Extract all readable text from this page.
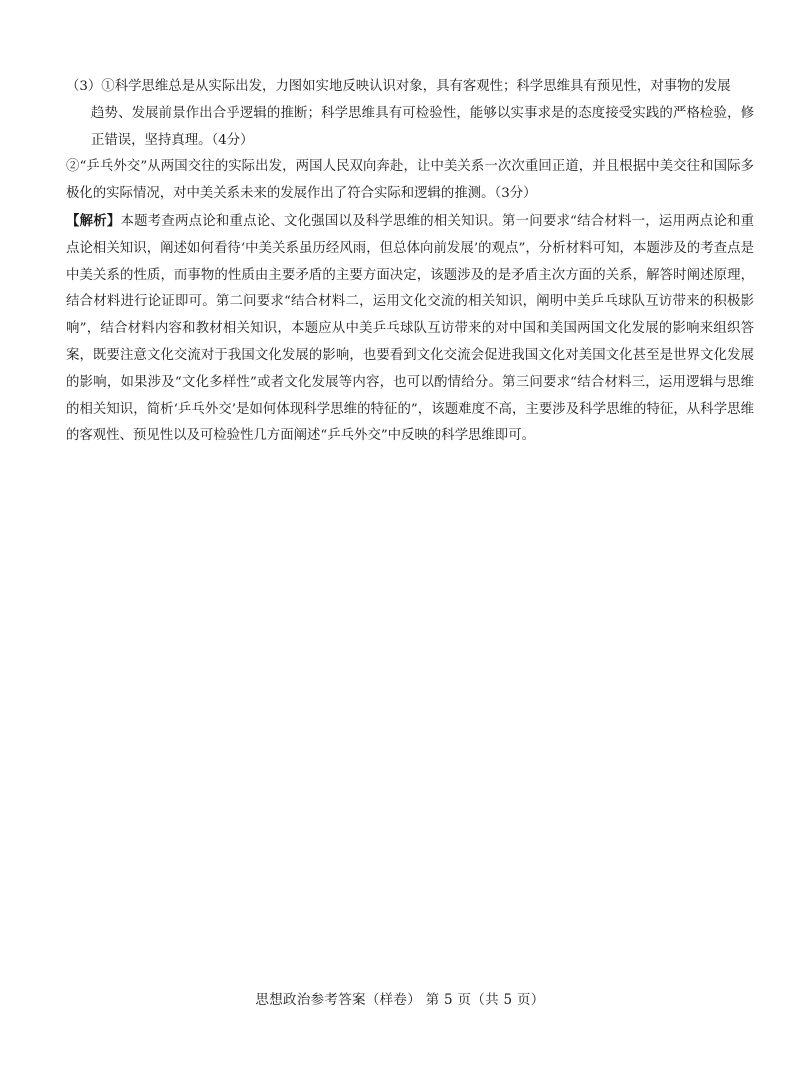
（3）①科学思维总是从实际出发，力图如实地反映认识对象，具有客观性；科学思维具有预见性，对事物的发展

趋势、发展前景作出合乎逻辑的推断；科学思维具有可检验性，能够以实事求是的态度接受实践的严格检验，修正错误，坚持真理。（4分）

②“乒乓外交”从两国交往的实际出发，两国人民双向奔赴，让中美关系一次次重回正道，并且根据中美交往和国际多极化的实际情况，对中美关系未来的发展作出了符合实际和逻辑的推测。（3分）

【解析】本题考查两点论和重点论、文化强国以及科学思维的相关知识。第一问要求“结合材料一，运用两点论和重点论相关知识，阐述如何看待‘中美关系虽历经风雨，但总体向前发展’的观点”，分析材料可知，本题涉及的考查点是中美关系的性质，而事物的性质由主要矛盾的主要方面决定，该题涉及的是矛盾主次方面的关系，解答时阐述原理，结合材料进行论证即可。第二问要求“结合材料二，运用文化交流的相关知识，阐明中美乒乓球队互访带来的积极影响”，结合材料内容和教材相关知识，本题应从中美乒乓球队互访带来的对中国和美国两国文化发展的影响来组织答案，既要注意文化交流对于我国文化发展的影响，也要看到文化交流会促进我国文化对美国文化甚至是世界文化发展的影响，如果涉及“文化多样性”或者文化发展等内容，也可以酌情给分。第三问要求“结合材料三，运用逻辑与思维的相关知识，简析‘乒乓外交’是如何体现科学思维的特征的”，该题难度不高，主要涉及科学思维的特征，从科学思维的客观性、预见性以及可检验性几方面阐述“乒乓外交”中反映的科学思维即可。

思想政治参考答案（样卷） 第 5 页（共 5 页）
